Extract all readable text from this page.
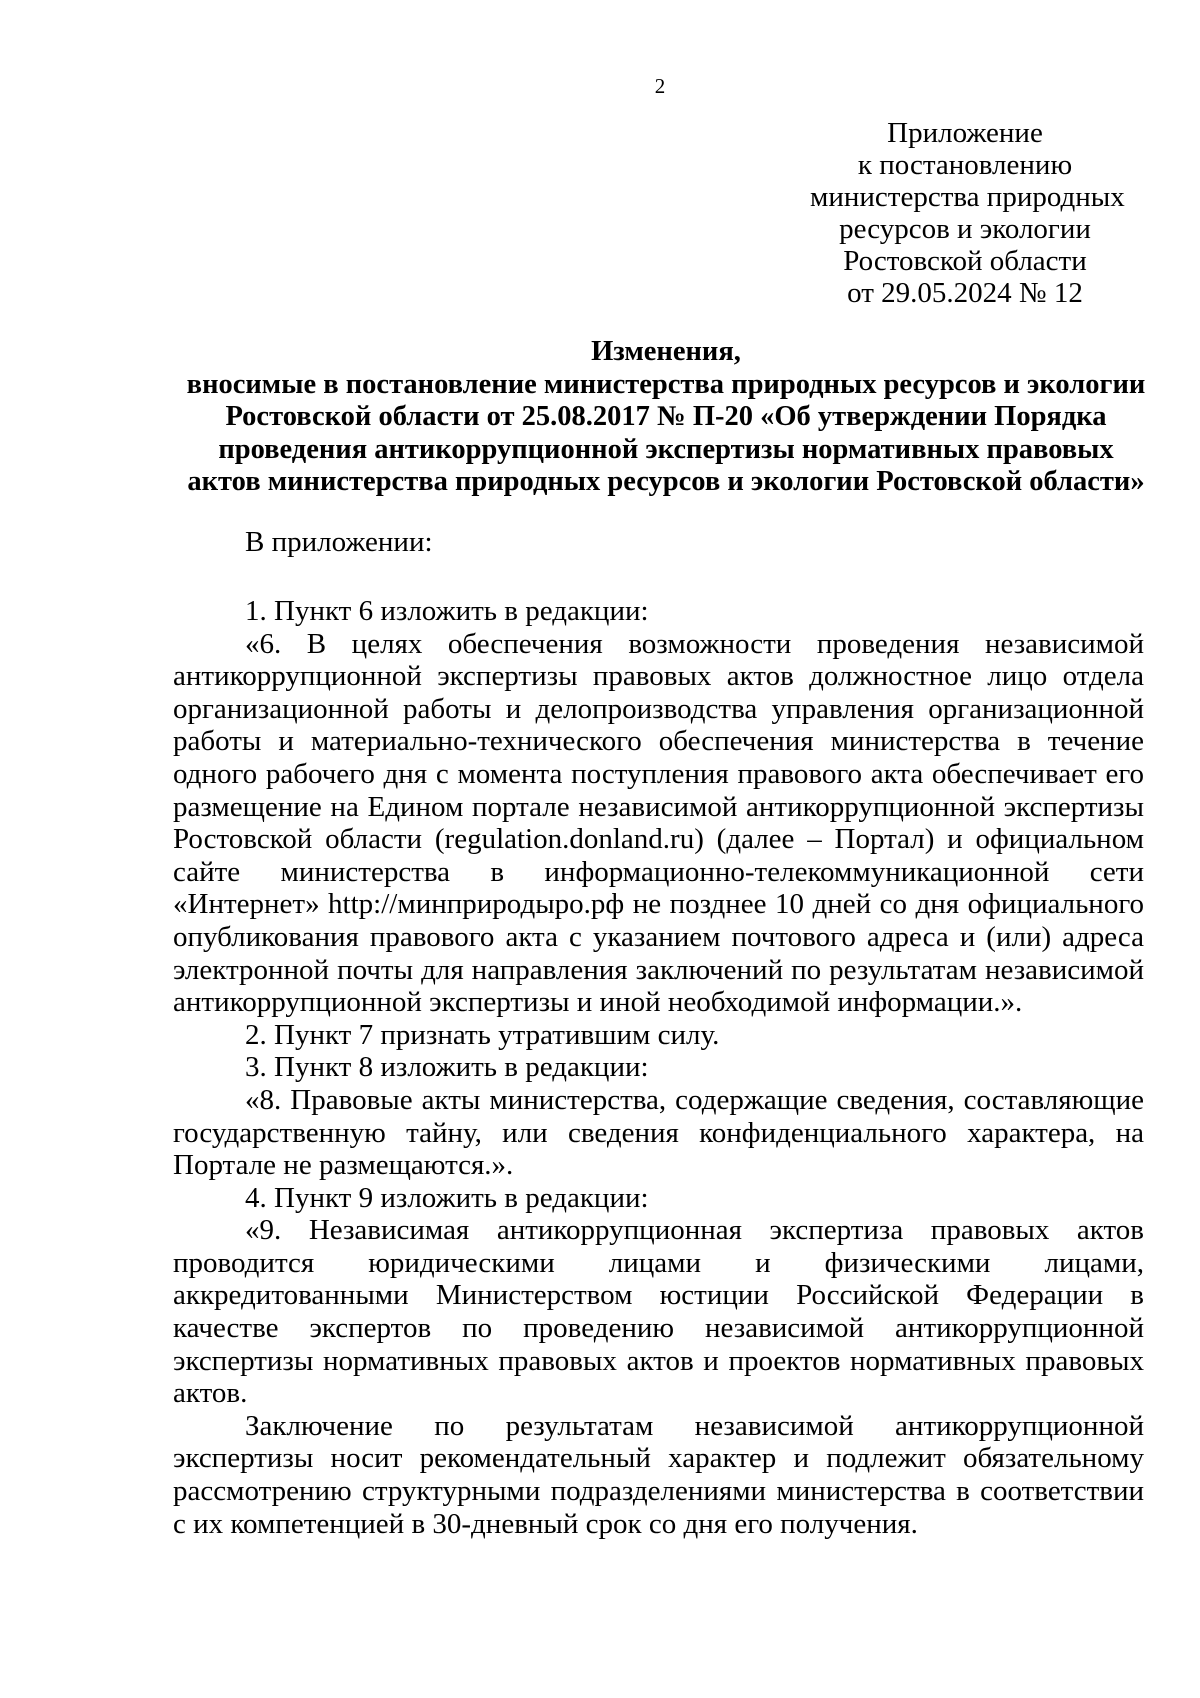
2
Приложение
к постановлению
министерства природных
ресурсов и экологии
Ростовской области
от 29.05.2024 № 12
Изменения,
вносимые в постановление министерства природных ресурсов и экологии
Ростовской области от 25.08.2017 № П-20 «Об утверждении Порядка
проведения антикоррупционной экспертизы нормативных правовых
актов министерства природных ресурсов и экологии Ростовской области»
В приложении:

1. Пункт 6 изложить в редакции:

«6. В целях обеспечения возможности проведения независимой антикоррупционной экспертизы правовых актов должностное лицо отдела организационной работы и делопроизводства управления организационной работы и материально-технического обеспечения министерства в течение одного рабочего дня с момента поступления правового акта обеспечивает его размещение на Едином портале независимой антикоррупционной экспертизы Ростовской области (regulation.donland.ru) (далее – Портал) и официальном сайте министерства в информационно-телекоммуникационной сети «Интернет» http://минприродыро.рф не позднее 10 дней со дня официального опубликования правового акта с указанием почтового адреса и (или) адреса электронной почты для направления заключений по результатам независимой антикоррупционной экспертизы и иной необходимой информации.».

2. Пункт 7 признать утратившим силу.

3. Пункт 8 изложить в редакции:

«8. Правовые акты министерства, содержащие сведения, составляющие государственную тайну, или сведения конфиденциального характера, на Портале не размещаются.».

4. Пункт 9 изложить в редакции:

«9. Независимая антикоррупционная экспертиза правовых актов проводится юридическими лицами и физическими лицами, аккредитованными Министерством юстиции Российской Федерации в качестве экспертов по проведению независимой антикоррупционной экспертизы нормативных правовых актов и проектов нормативных правовых актов.

Заключение по результатам независимой антикоррупционной экспертизы носит рекомендательный характер и подлежит обязательному рассмотрению структурными подразделениями министерства в соответствии с их компетенцией в 30-дневный срок со дня его получения.
